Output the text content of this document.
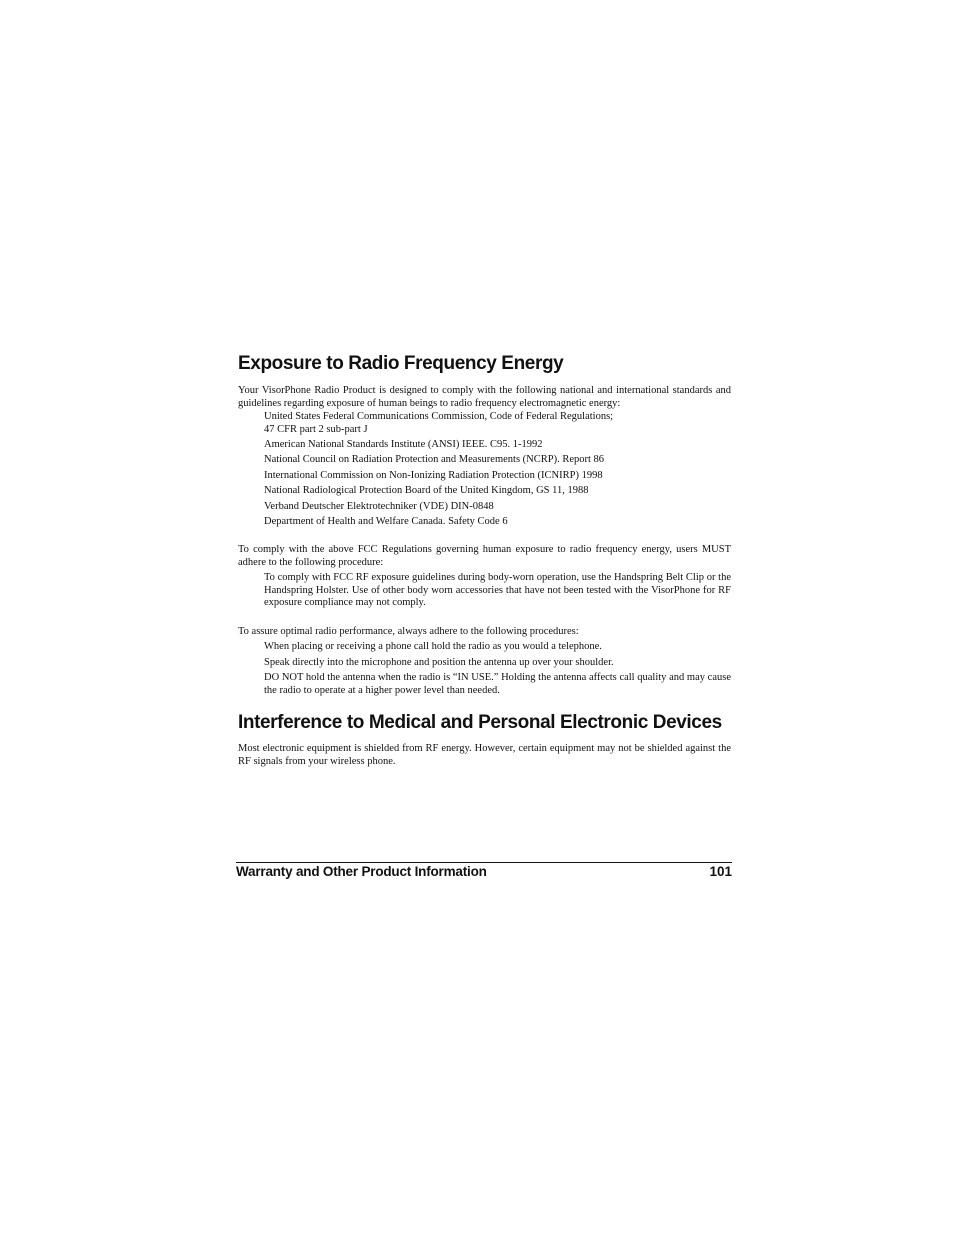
Exposure to Radio Frequency Energy

Your VisorPhone Radio Product is designed to comply with the following national and international standards and guidelines regarding exposure of human beings to radio frequency electromagnetic energy:

United States Federal Communications Commission, Code of Federal Regulations;
47 CFR part 2 sub-part J

American National Standards Institute (ANSI) IEEE. C95. 1-1992

National Council on Radiation Protection and Measurements (NCRP). Report 86

International Commission on Non-Ionizing Radiation Protection (ICNIRP) 1998

National Radiological Protection Board of the United Kingdom, GS 11, 1988

Verband Deutscher Elektrotechniker (VDE) DIN-0848

Department of Health and Welfare Canada. Safety Code 6

To comply with the above FCC Regulations governing human exposure to radio frequency energy, users MUST adhere to the following procedure:

To comply with FCC RF exposure guidelines during body-worn operation, use the Handspring Belt Clip or the Handspring Holster. Use of other body worn accessories that have not been tested with the VisorPhone for RF exposure compliance may not comply.

To assure optimal radio performance, always adhere to the following procedures:

When placing or receiving a phone call hold the radio as you would a telephone.

Speak directly into the microphone and position the antenna up over your shoulder.

DO NOT hold the antenna when the radio is “IN USE.” Holding the antenna affects call quality and may cause the radio to operate at a higher power level than needed.

Interference to Medical and Personal Electronic Devices

Most electronic equipment is shielded from RF energy. However, certain equipment may not be shielded against the RF signals from your wireless phone.

Warranty and Other Product Information	101
